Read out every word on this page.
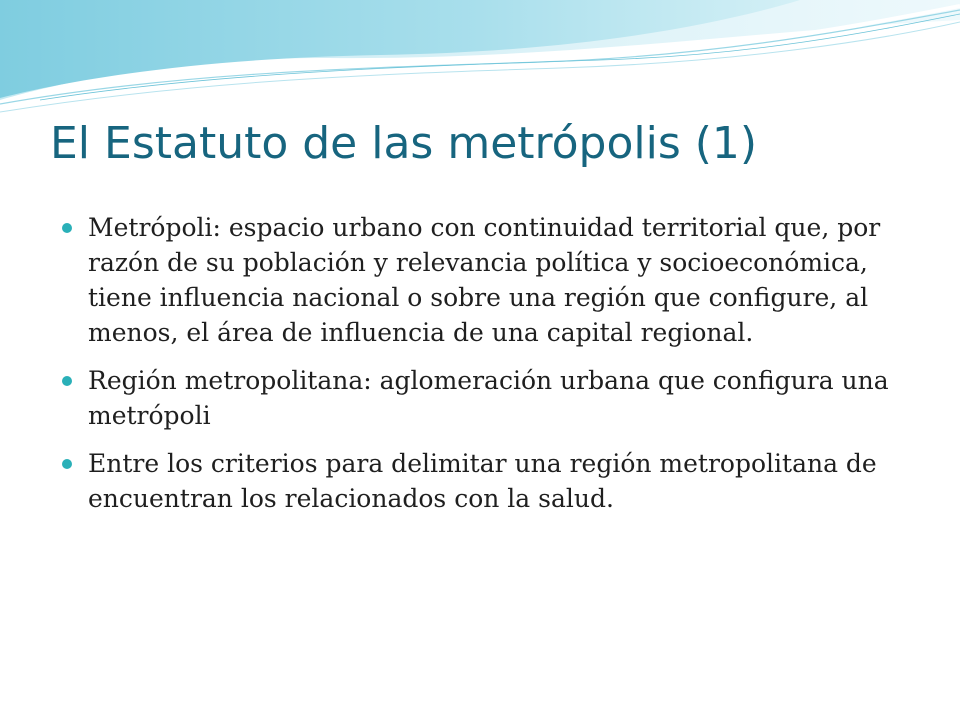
El Estatuto de las metrópolis (1)
Metrópoli: espacio urbano con continuidad territorial que, por razón de su población y relevancia política y socioeconómica, tiene influencia nacional o sobre una región que configure, al menos, el área de influencia de una capital regional.
Región metropolitana: aglomeración urbana que configura una metrópoli
Entre los criterios para delimitar una región metropolitana de encuentran los relacionados con la salud.
